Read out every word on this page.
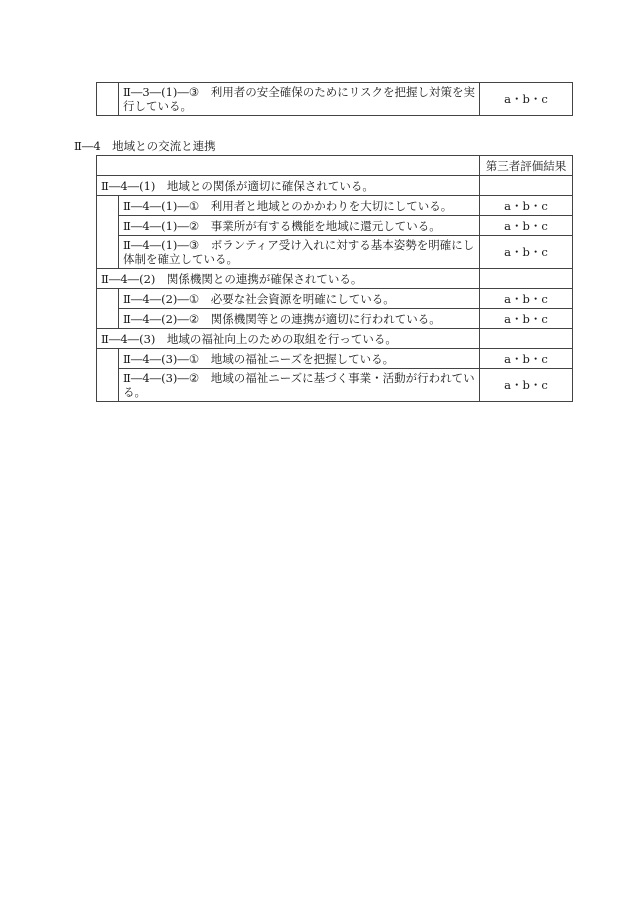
	Ⅱ―3―(1)―③　利用者の安全確保のためにリスクを把握し対策を実行している。	a・b・c
Ⅱ―4　地域との交流と連携
		第三者評価結果
Ⅱ―4―(1)　地域との関係が適切に確保されている。		
	Ⅱ―4―(1)―①　利用者と地域とのかかわりを大切にしている。	a・b・c
	Ⅱ―4―(1)―②　事業所が有する機能を地域に還元している。	a・b・c
	Ⅱ―4―(1)―③　ボランティア受け入れに対する基本姿勢を明確にし体制を確立している。	a・b・c
Ⅱ―4―(2)　関係機関との連携が確保されている。		
	Ⅱ―4―(2)―①　必要な社会資源を明確にしている。	a・b・c
	Ⅱ―4―(2)―②　関係機関等との連携が適切に行われている。	a・b・c
Ⅱ―4―(3)　地域の福祉向上のための取組を行っている。		
	Ⅱ―4―(3)―①　地域の福祉ニーズを把握している。	a・b・c
	Ⅱ―4―(3)―②　地域の福祉ニーズに基づく事業・活動が行われている。	a・b・c
